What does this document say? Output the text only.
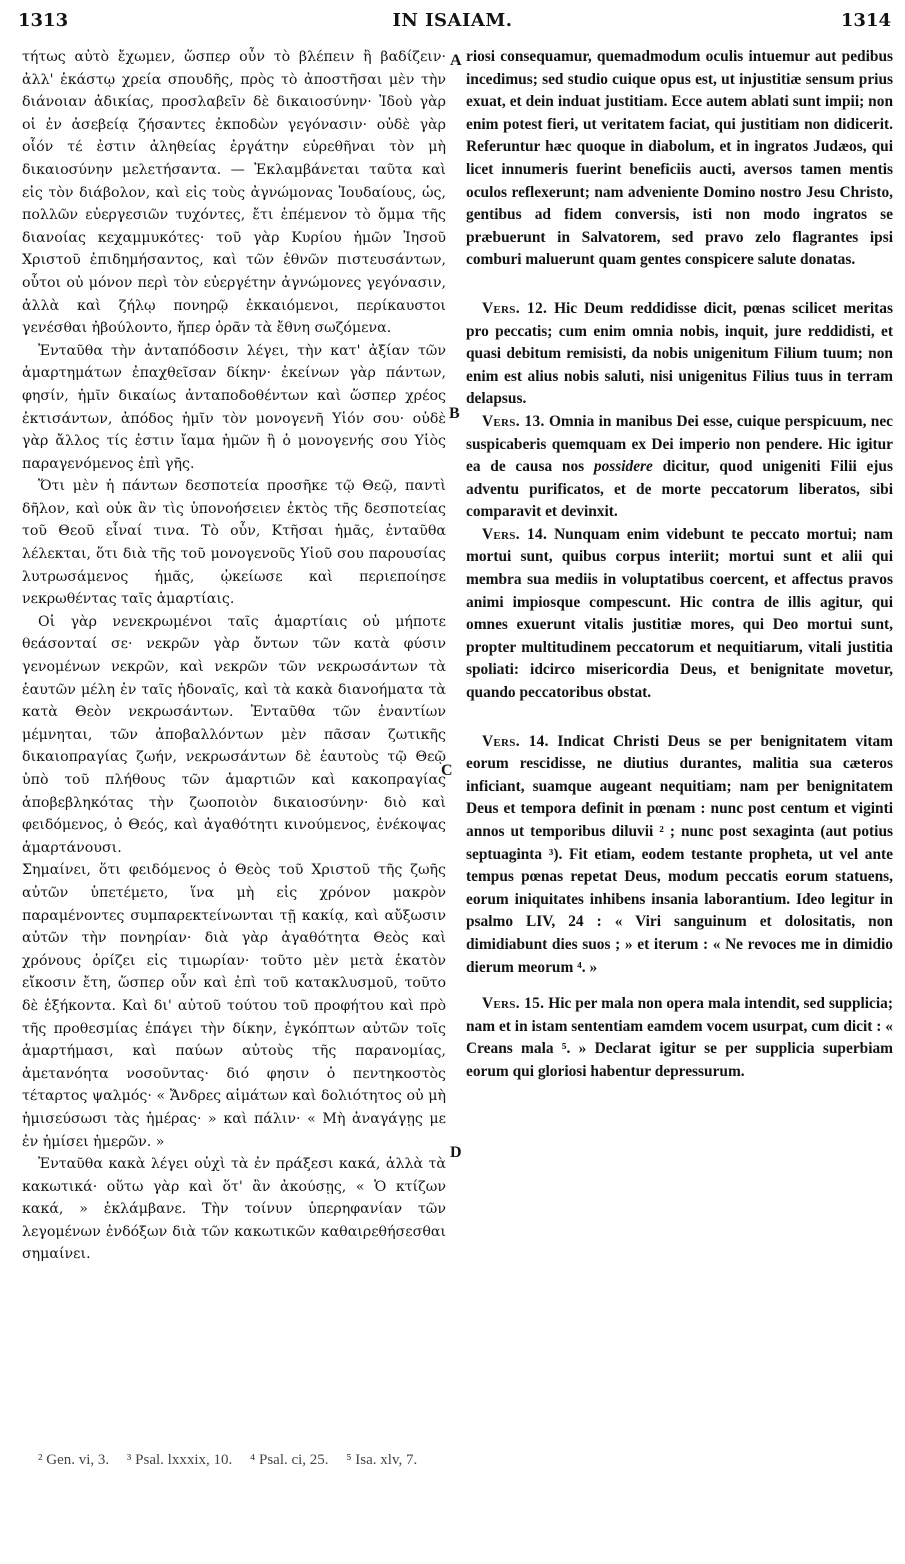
1313	IN ISAIAM.	1314
A
B
C
D

τήτως αὐτὸ ἔχωμεν, ὥσπερ οὖν τὸ βλέπειν ἢ βαδίζειν· ἀλλ' ἑκάστῳ χρεία σπουδῆς, πρὸς τὸ ἀποστῆσαι μὲν τὴν διάνοιαν ἀδικίας, προσλαβεῖν δὲ δικαιοσύνην· Ἰδοὺ γὰρ οἱ ἐν ἀσεβείᾳ ζήσαντες ἐκποδὼν γεγόνασιν· οὐδὲ γὰρ οἷόν τέ ἐστιν ἀληθείας ἐργάτην εὑρεθῆναι τὸν μὴ δικαιοσύνην μελετήσαντα. — Ἐκλαμβάνεται ταῦτα καὶ εἰς τὸν διάβολον, καὶ εἰς τοὺς ἀγνώμονας Ἰουδαίους, ὡς, πολλῶν εὐεργεσιῶν τυχόντες, ἔτι ἐπέμενον τὸ ὄμμα τῆς διανοίας κεχαμμυκότες· τοῦ γὰρ Κυρίου ἡμῶν Ἰησοῦ Χριστοῦ ἐπιδημήσαντος, καὶ τῶν ἐθνῶν πιστευσάντων, οὗτοι οὐ μόνον περὶ τὸν εὐεργέτην ἀγνώμονες γεγόνασιν, ἀλλὰ καὶ ζήλῳ πονηρῷ ἐκκαιόμενοι, περίκαυστοι γενέσθαι ἠβούλοντο, ἤπερ ὁρᾶν τὰ ἔθνη σωζόμενα.

Ἐνταῦθα τὴν ἀνταπόδοσιν λέγει, τὴν κατ' ἀξίαν τῶν ἁμαρτημάτων ἐπαχθεῖσαν δίκην· ἐκείνων γὰρ πάντων, φησίν, ἡμῖν δικαίως ἀνταποδοθέντων καὶ ὥσπερ χρέος ἐκτισάντων, ἀπόδος ἡμῖν τὸν μονογενῆ Υἱόν σου· οὐδὲ γὰρ ἄλλος τίς ἐστιν ἴαμα ἡμῶν ἢ ὁ μονογενής σου Υἱὸς παραγενόμενος ἐπὶ γῆς.

Ὅτι μὲν ἡ πάντων δεσποτεία προσῆκε τῷ Θεῷ, παντὶ δῆλον, καὶ οὐκ ἂν τὶς ὑπονοήσειεν ἐκτὸς τῆς δεσποτείας τοῦ Θεοῦ εἶναί τινα. Τὸ οὖν, Κτῆσαι ἡμᾶς, ἐνταῦθα λέλεκται, ὅτι διὰ τῆς τοῦ μονογενοῦς Υἱοῦ σου παρουσίας λυτρωσάμενος ἡμᾶς, ᾠκείωσε καὶ περιεποίησε νεκρωθέντας ταῖς ἁμαρτίαις.

Οἱ γὰρ νενεκρωμένοι ταῖς ἁμαρτίαις οὐ μήποτε θεάσονταί σε· νεκρῶν γὰρ ὄντων τῶν κατὰ φύσιν γενομένων νεκρῶν, καὶ νεκρῶν τῶν νεκρωσάντων τὰ ἑαυτῶν μέλη ἐν ταῖς ἡδοναῖς, καὶ τὰ κακὰ διανοήματα τὰ κατὰ Θεὸν νεκρωσάντων. Ἐνταῦθα τῶν ἐναντίων μέμνηται, τῶν ἀποβαλλόντων μὲν πᾶσαν ζωτικῆς δικαιοπραγίας ζωήν, νεκρωσάντων δὲ ἑαυτοὺς τῷ Θεῷ ὑπὸ τοῦ πλήθους τῶν ἁμαρτιῶν καὶ κακοπραγίας ἀποβεβληκότας τὴν ζωοποιὸν δικαιοσύνην· διὸ καὶ φειδόμενος, ὁ Θεός, καὶ ἀγαθότητι κινούμενος, ἐνέκοψας ἁμαρτάνουσι.

Σημαίνει, ὅτι φειδόμενος ὁ Θεὸς τοῦ Χριστοῦ τῆς ζωῆς αὐτῶν ὑπετέμετο, ἵνα μὴ εἰς χρόνον μακρὸν παραμένοντες συμπαρεκτείνωνται τῇ κακίᾳ, καὶ αὔξωσιν αὐτῶν τὴν πονηρίαν· διὰ γὰρ ἀγαθότητα Θεὸς καὶ χρόνους ὁρίζει εἰς τιμωρίαν· τοῦτο μὲν μετὰ ἑκατὸν εἴκοσιν ἔτη, ὥσπερ οὖν καὶ ἐπὶ τοῦ κατακλυσμοῦ, τοῦτο δὲ ἑξήκοντα. Καὶ δι' αὐτοῦ τούτου τοῦ προφήτου καὶ πρὸ τῆς προθεσμίας ἐπάγει τὴν δίκην, ἐγκόπτων αὐτῶν τοῖς ἁμαρτήμασι, καὶ παύων αὐτοὺς τῆς παρανομίας, ἀμετανόητα νοσοῦντας· διό φησιν ὁ πεντηκοστὸς τέταρτος ψαλμός· « Ἄνδρες αἱμάτων καὶ δολιότητος οὐ μὴ ἡμισεύσωσι τὰς ἡμέρας· » καὶ πάλιν· « Μὴ ἀναγάγῃς με ἐν ἡμίσει ἡμερῶν. »

Ἐνταῦθα κακὰ λέγει οὐχὶ τὰ ἐν πράξεσι κακά, ἀλλὰ τὰ κακωτικά· οὕτω γὰρ καὶ ὅτ' ἂν ἀκούσῃς, « Ὁ κτίζων κακά, » ἐκλάμβανε. Τὴν τοίνυν ὑπερηφανίαν τῶν λεγομένων ἐνδόξων διὰ τῶν κακωτικῶν καθαιρεθήσεσθαι σημαίνει.

riosi consequamur, quemadmodum oculis intuemur aut pedibus incedimus; sed studio cuique opus est, ut injustitiæ sensum prius exuat, et dein induat justitiam. Ecce autem ablati sunt impii; non enim potest fieri, ut veritatem faciat, qui justitiam non didicerit. Referuntur hæc quoque in diabolum, et in ingratos Judæos, qui licet innumeris fuerint beneficiis aucti, aversos tamen mentis oculos reflexerunt; nam adveniente Domino nostro Jesu Christo, gentibus ad fidem conversis, isti non modo ingratos se præbuerunt in Salvatorem, sed pravo zelo flagrantes ipsi comburi maluerunt quam gentes conspicere salute donatas.

Vers. 12. Hic Deum reddidisse dicit, pœnas scilicet meritas pro peccatis; cum enim omnia nobis, inquit, jure reddidisti, et quasi debitum remisisti, da nobis unigenitum Filium tuum; non enim est alius nobis saluti, nisi unigenitus Filius tuus in terram delapsus.

Vers. 13. Omnia in manibus Dei esse, cuique perspicuum, nec suspicaberis quemquam ex Dei imperio non pendere. Hic igitur ea de causa nos possidere dicitur, quod unigeniti Filii ejus adventu purificatos, et de morte peccatorum liberatos, sibi comparavit et devinxit.

Vers. 14. Nunquam enim videbunt te peccato mortui; nam mortui sunt, quibus corpus interiit; mortui sunt et alii qui membra sua mediis in voluptatibus coercent, et affectus pravos animi impiosque compescunt. Hic contra de illis agitur, qui omnes exuerunt vitalis justitiæ mores, qui Deo mortui sunt, propter multitudinem peccatorum et nequitiarum, vitali justitia spoliati: idcirco misericordia Deus, et benignitate movetur, quando peccatoribus obstat.

Vers. 14. Indicat Christi Deus se per benignitatem vitam eorum rescidisse, ne diutius durantes, malitia sua cæteros inficiant, suamque augeant nequitiam; nam per benignitatem Deus et tempora definit in pœnam : nunc post centum et viginti annos ut temporibus diluvii ² ; nunc post sexaginta (aut potius septuaginta ³). Fit etiam, eodem testante propheta, ut vel ante tempus pœnas repetat Deus, modum peccatis eorum statuens, eorum iniquitates inhibens insania laborantium. Ideo legitur in psalmo LIV, 24 : « Viri sanguinum et dolositatis, non dimidiabunt dies suos ; » et iterum : « Ne revoces me in dimidio dierum meorum ⁴. »

Vers. 15. Hic per mala non opera mala intendit, sed supplicia; nam et in istam sententiam eamdem vocem usurpat, cum dicit : « Creans mala ⁵. » Declarat igitur se per supplicia superbiam eorum qui gloriosi habentur depressurum.

² Gen. vi, 3. ³ Psal. lxxxix, 10. ⁴ Psal. ci, 25. ⁵ Isa. xlv, 7.
